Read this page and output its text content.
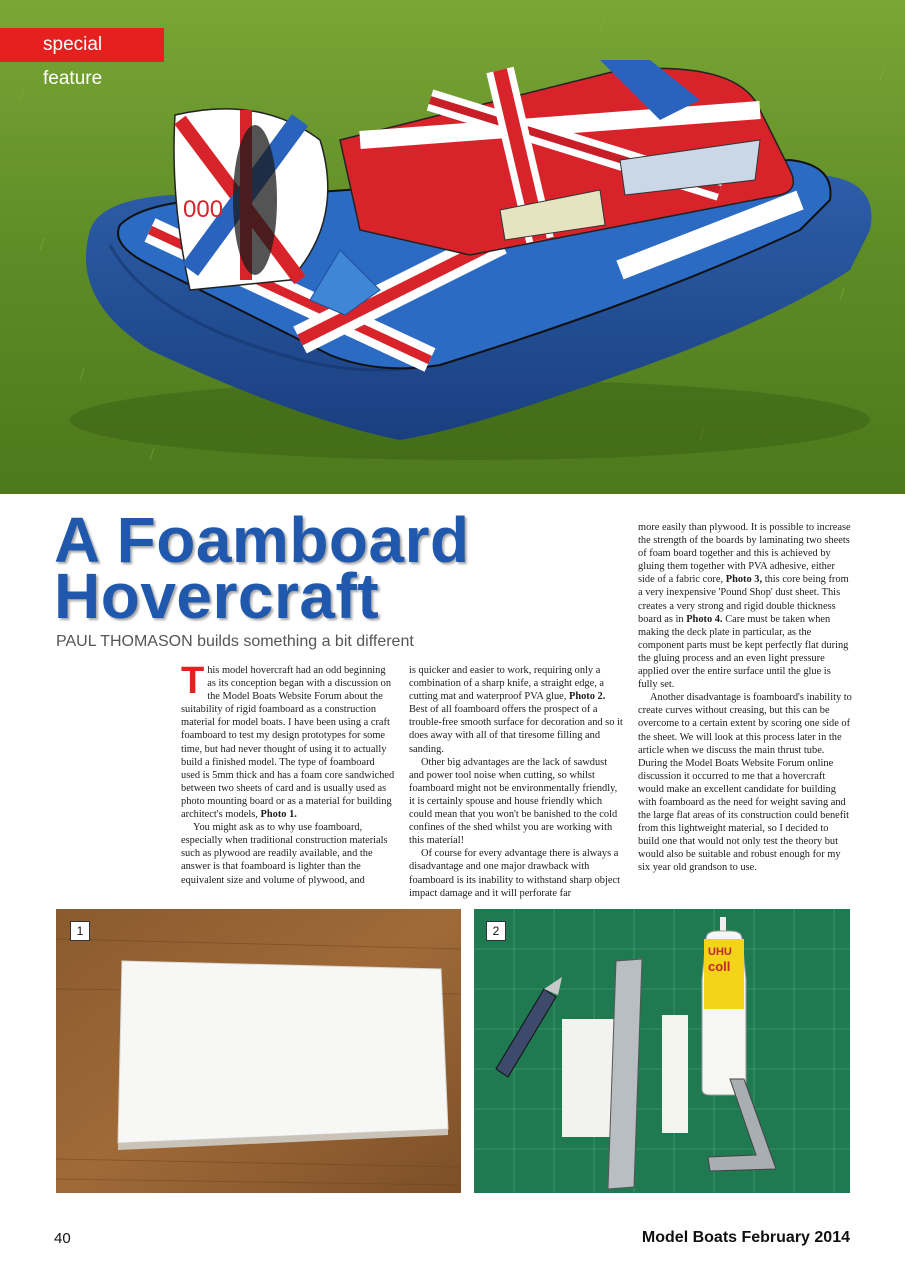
000
special feature
A Foamboard
Hovercraft
PAUL THOMASON builds something a bit different

This model hovercraft had an odd beginning as its conception began with a discussion on the Model Boats Website Forum about the suitability of rigid foamboard as a construction material for model boats. I have been using a craft foamboard to test my design prototypes for some time, but had never thought of using it to actually build a finished model. The type of foamboard used is 5mm thick and has a foam core sandwiched between two sheets of card and is usually used as photo mounting board or as a material for building architect's models, Photo 1.

You might ask as to why use foamboard, especially when traditional construction materials such as plywood are readily available, and the answer is that foamboard is lighter than the equivalent size and volume of plywood, and

is quicker and easier to work, requiring only a combination of a sharp knife, a straight edge, a cutting mat and waterproof PVA glue, Photo 2. Best of all foamboard offers the prospect of a trouble-free smooth surface for decoration and so it does away with all of that tiresome filling and sanding.

Other big advantages are the lack of sawdust and power tool noise when cutting, so whilst foamboard might not be environmentally friendly, it is certainly spouse and house friendly which could mean that you won't be banished to the cold confines of the shed whilst you are working with this material!

Of course for every advantage there is always a disadvantage and one major drawback with foamboard is its inability to withstand sharp object impact damage and it will perforate far

more easily than plywood. It is possible to increase the strength of the boards by laminating two sheets of foam board together and this is achieved by gluing them together with PVA adhesive, either side of a fabric core, Photo 3, this core being from a very inexpensive 'Pound Shop' dust sheet. This creates a very strong and rigid double thickness board as in Photo 4. Care must be taken when making the deck plate in particular, as the component parts must be kept perfectly flat during the gluing process and an even light pressure applied over the entire surface until the glue is fully set.

Another disadvantage is foamboard's inability to create curves without creasing, but this can be overcome to a certain extent by scoring one side of the sheet. We will look at this process later in the article when we discuss the main thrust tube. During the Model Boats Website Forum online discussion it occurred to me that a hovercraft would make an excellent candidate for building with foamboard as the need for weight saving and the large flat areas of its construction could benefit from this lightweight material, so I decided to build one that would not only test the theory but would also be suitable and robust enough for my six year old grandson to use.

1
UHU
coll
2
40	Model Boats February 2014
